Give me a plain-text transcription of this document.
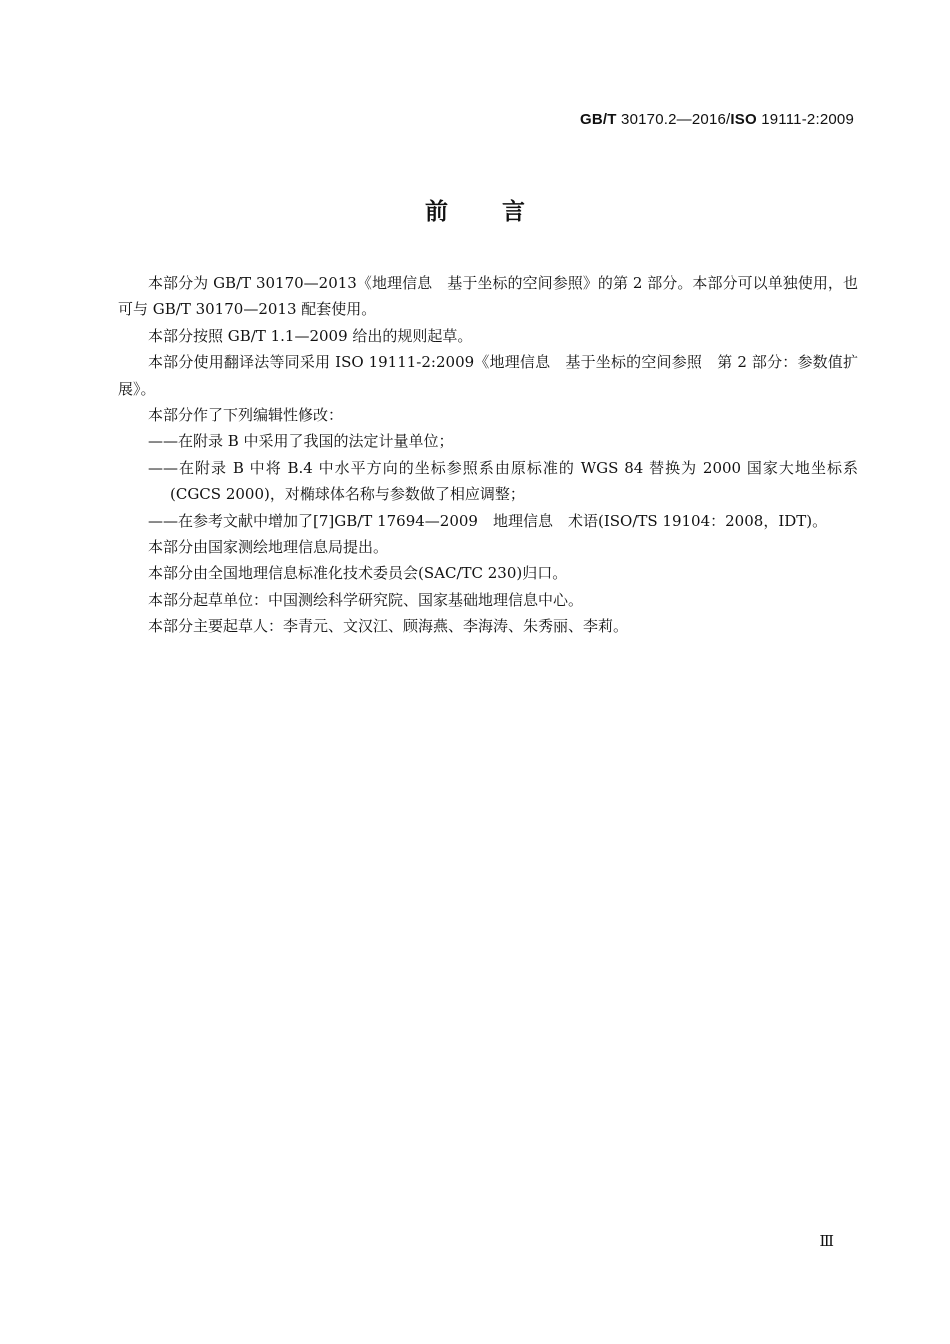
GB/T 30170.2—2016/ISO 19111-2:2009
前言

本部分为 GB/T 30170—2013《地理信息　基于坐标的空间参照》的第 2 部分。本部分可以单独使用，也可与 GB/T 30170—2013 配套使用。

本部分按照 GB/T 1.1—2009 给出的规则起草。

本部分使用翻译法等同采用 ISO 19111-2:2009《地理信息　基于坐标的空间参照　第 2 部分：参数值扩展》。

本部分作了下列编辑性修改：

——在附录 B 中采用了我国的法定计量单位；

——在附录 B 中将 B.4 中水平方向的坐标参照系由原标准的 WGS 84 替换为 2000 国家大地坐标系(CGCS 2000)，对椭球体名称与参数做了相应调整；

——在参考文献中增加了[7]GB/T 17694—2009　地理信息　术语(ISO/TS 19104：2008，IDT)。

本部分由国家测绘地理信息局提出。

本部分由全国地理信息标准化技术委员会(SAC/TC 230)归口。

本部分起草单位：中国测绘科学研究院、国家基础地理信息中心。

本部分主要起草人：李青元、文汉江、顾海燕、李海涛、朱秀丽、李莉。

Ⅲ
